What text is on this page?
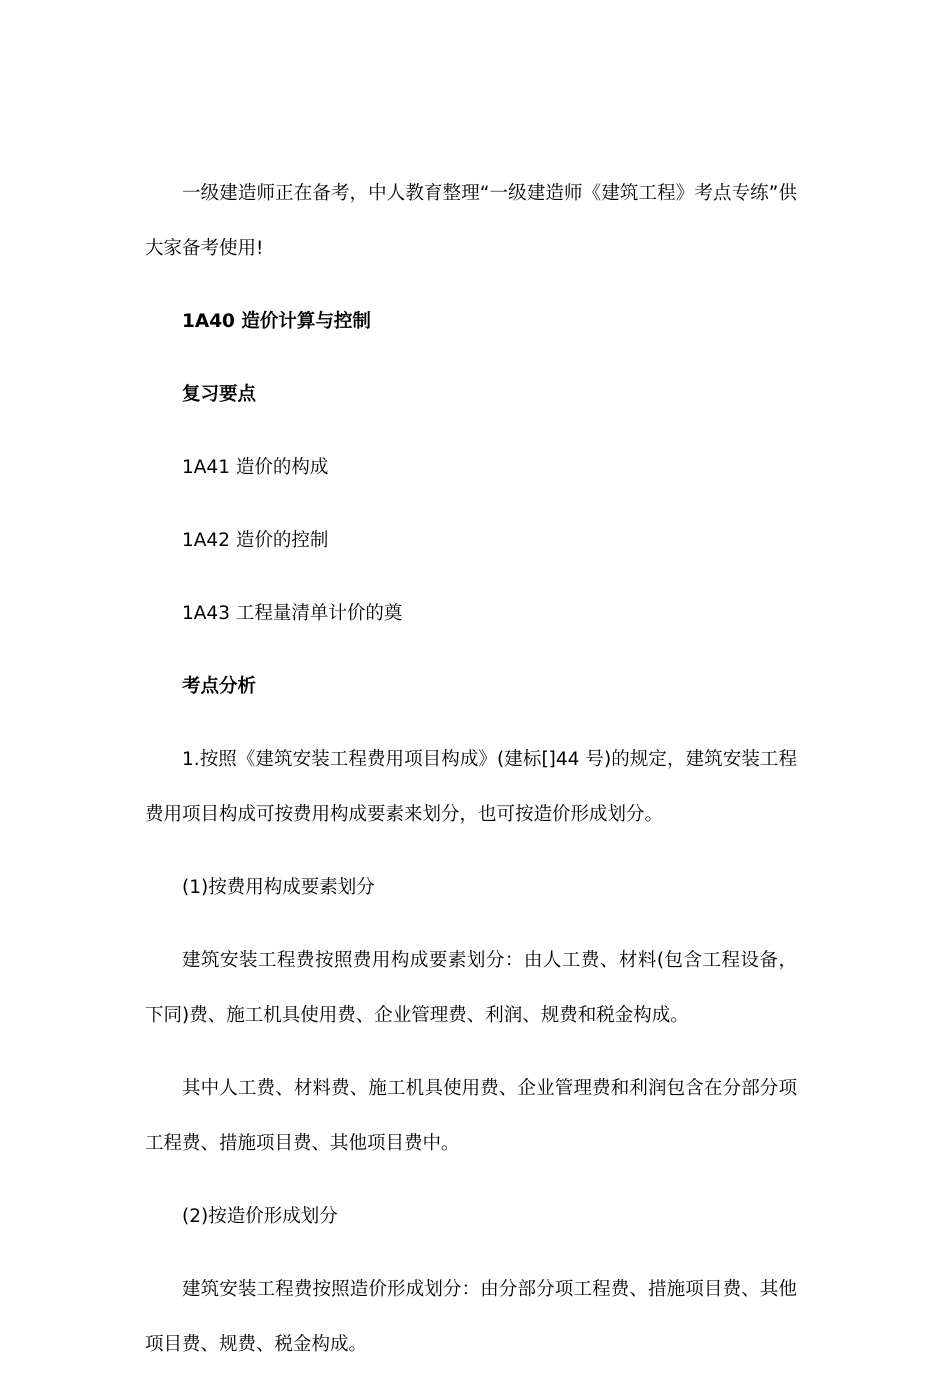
一级建造师正在备考，中人教育整理“一级建造师《建筑工程》考点专练”供大家备考使用!

1A40 造价计算与控制

复习要点

1A41 造价的构成

1A42 造价的控制

1A43 工程量清单计价的奠

考点分析

1.按照《建筑安装工程费用项目构成》(建标[]44 号)的规定，建筑安装工程费用项目构成可按费用构成要素来划分，也可按造价形成划分。

(1)按费用构成要素划分

建筑安装工程费按照费用构成要素划分：由人工费、材料(包含工程设备，下同)费、施工机具使用费、企业管理费、利润、规费和税金构成。

其中人工费、材料费、施工机具使用费、企业管理费和利润包含在分部分项工程费、措施项目费、其他项目费中。

(2)按造价形成划分

建筑安装工程费按照造价形成划分：由分部分项工程费、措施项目费、其他项目费、规费、税金构成。
